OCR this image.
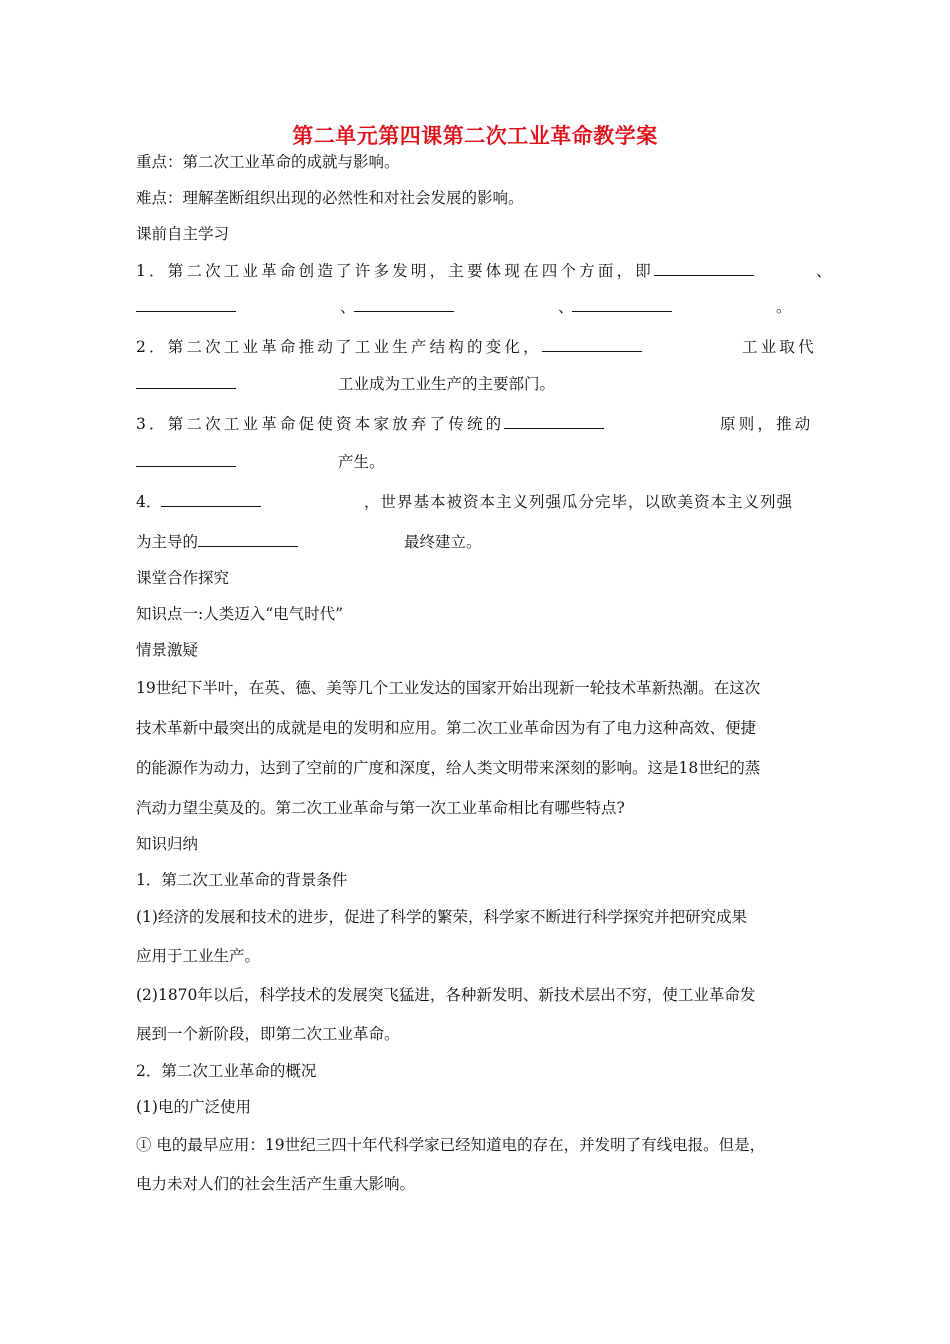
第二单元第四课第二次工业革命教学案
重点：第二次工业革命的成就与影响。
难点：理解垄断组织出现的必然性和对社会发展的影响。
课前自主学习
1．第二次工业革命创造了许多发明，主要体现在四个方面，即	、
、	、	。
2．第二次工业革命推动了工业生产结构的变化，	工业取代
工业成为工业生产的主要部门。
3．第二次工业革命促使资本家放弃了传统的	原则，推动
产生。
4．	，世界基本被资本主义列强瓜分完毕，以欧美资本主义列强
为主导的	最终建立。
课堂合作探究
知识点一:人类迈入“电气时代”
情景激疑
19世纪下半叶，在英、德、美等几个工业发达的国家开始出现新一轮技术革新热潮。在这次
技术革新中最突出的成就是电的发明和应用。第二次工业革命因为有了电力这种高效、便捷
的能源作为动力，达到了空前的广度和深度，给人类文明带来深刻的影响。这是18世纪的蒸
汽动力望尘莫及的。第二次工业革命与第一次工业革命相比有哪些特点?
知识归纳
1．第二次工业革命的背景条件
(1)经济的发展和技术的进步，促进了科学的繁荣，科学家不断进行科学探究并把研究成果
应用于工业生产。
(2)1870年以后，科学技术的发展突飞猛进，各种新发明、新技术层出不穷，使工业革命发
展到一个新阶段，即第二次工业革命。
2．第二次工业革命的概况
(1)电的广泛使用
① 电的最早应用：19世纪三四十年代科学家已经知道电的存在，并发明了有线电报。但是，
电力未对人们的社会生活产生重大影响。
